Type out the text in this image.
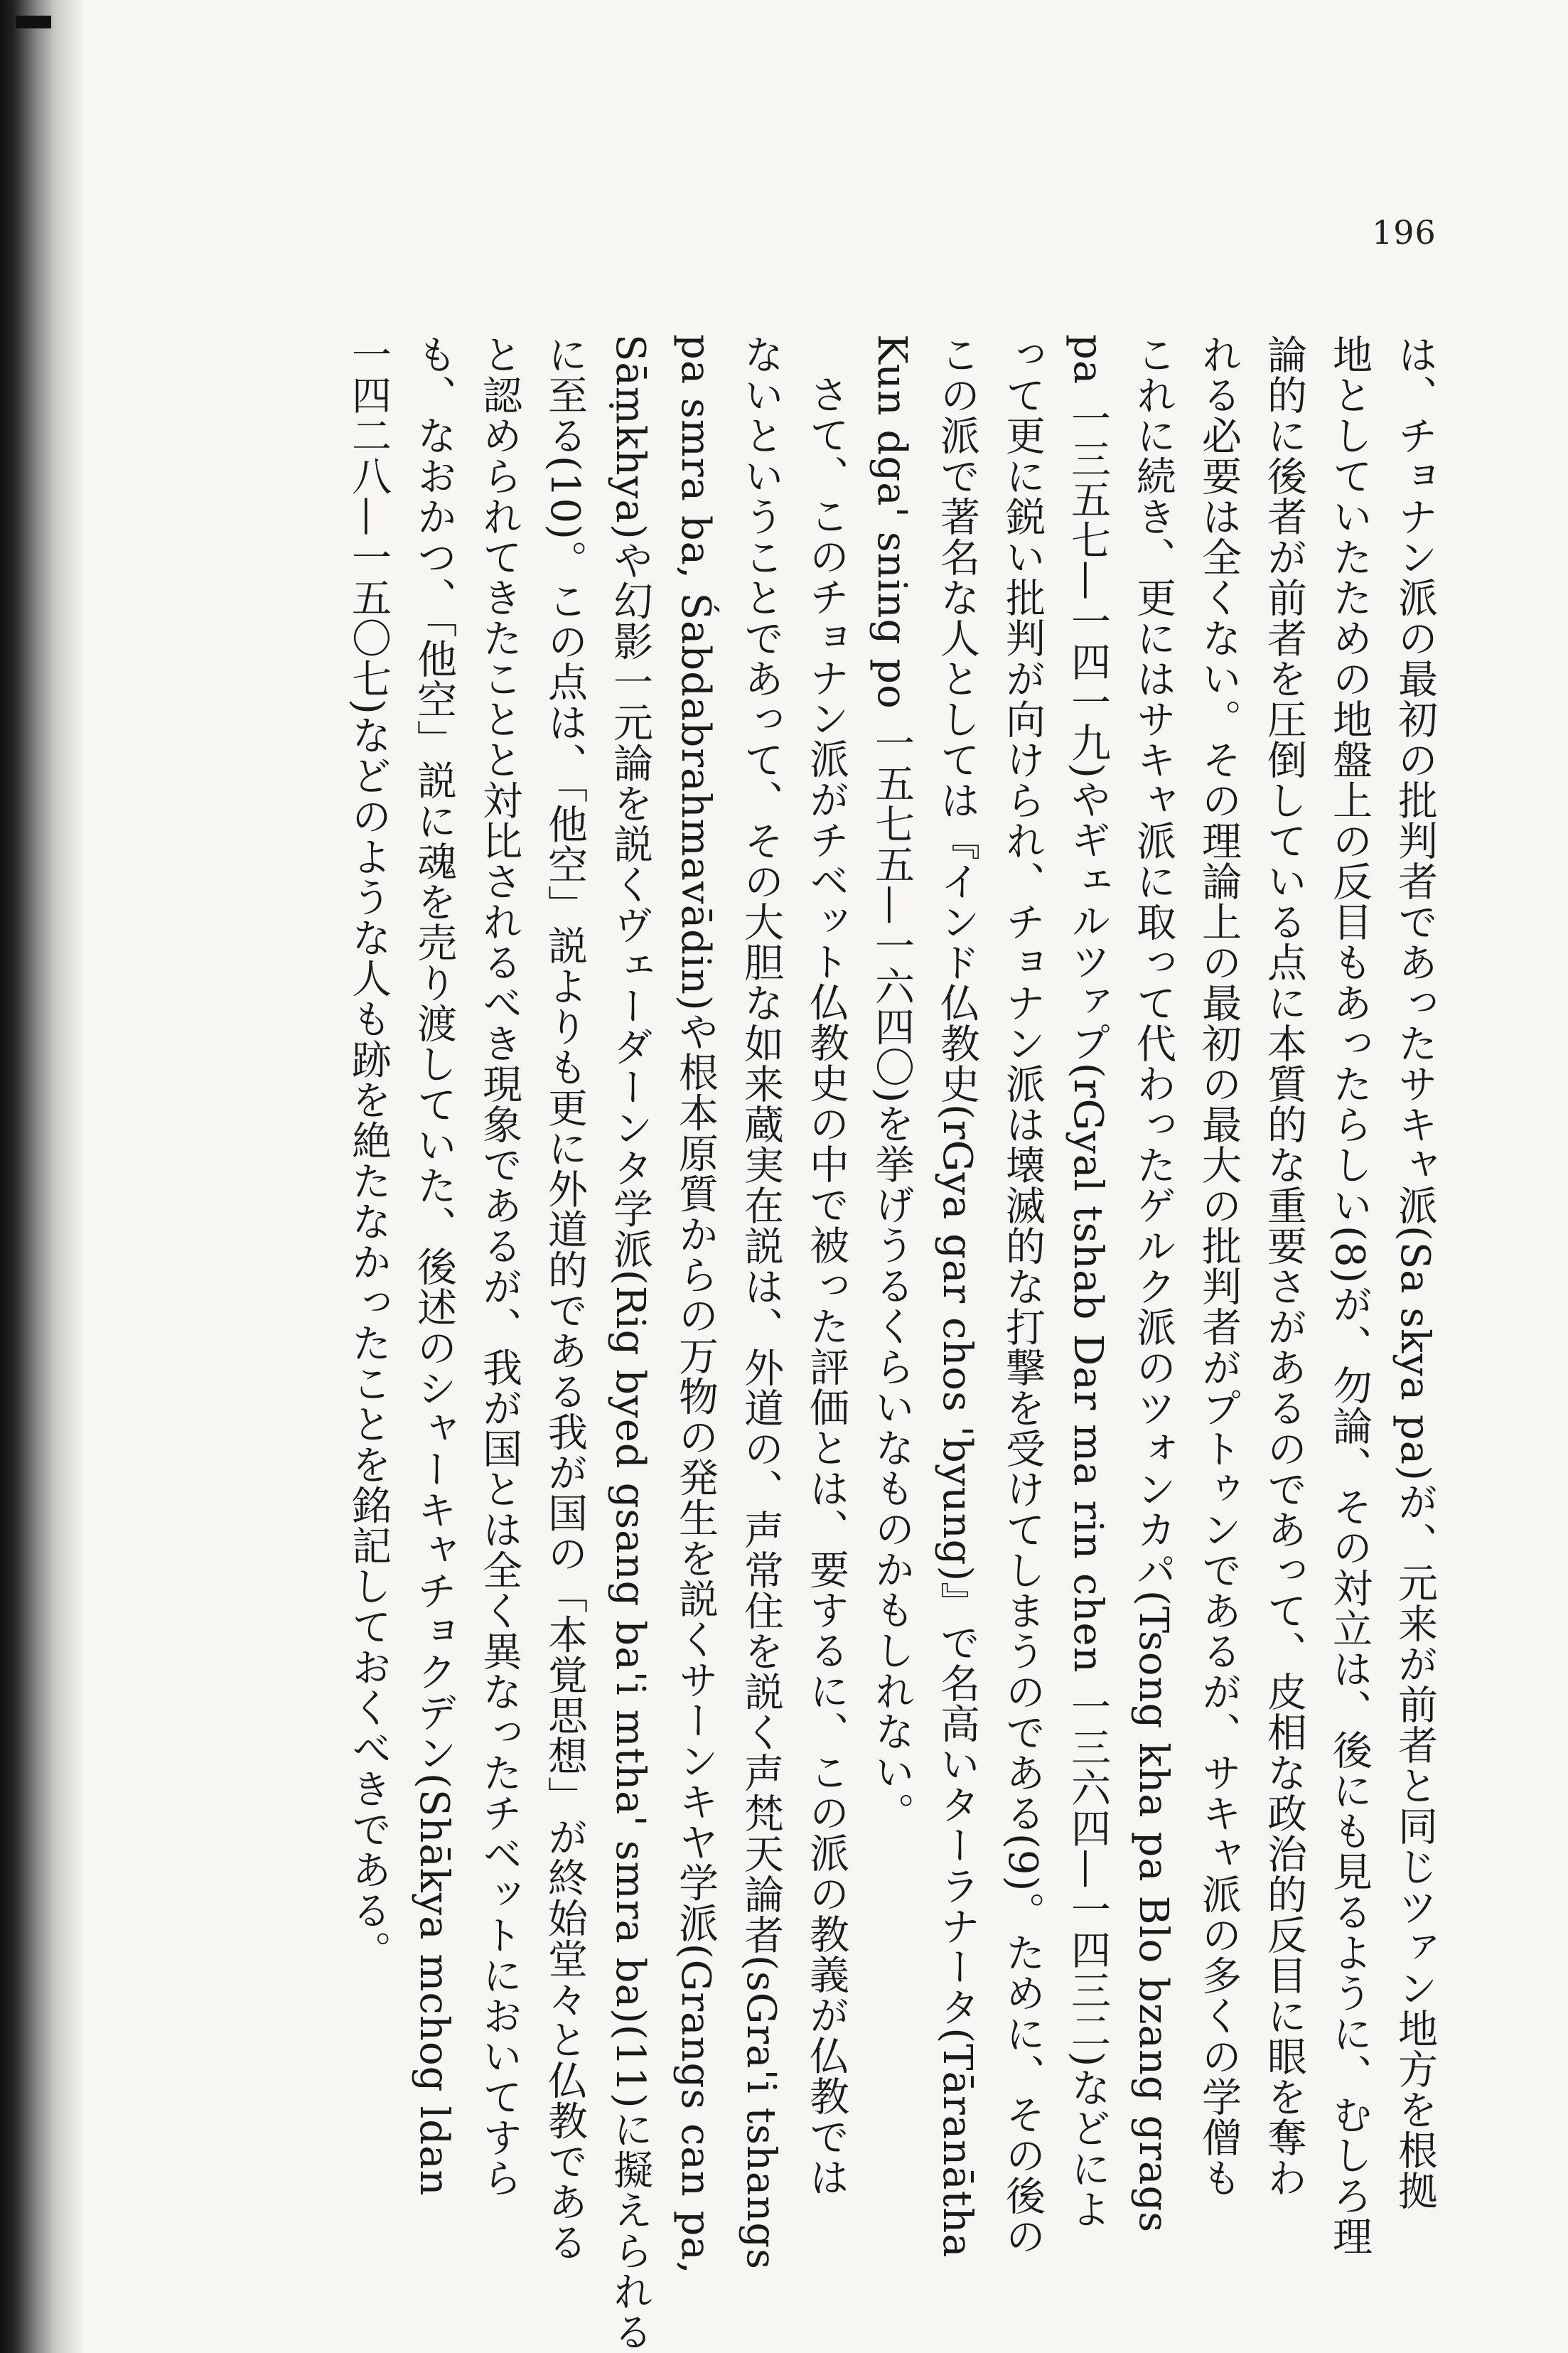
196
は、チョナン派の最初の批判者であったサキャ派(Sa skya pa)が、元来が前者と同じツァン地方を根拠
地としていたための地盤上の反目もあったらしい(8)が、勿論、その対立は、後にも見るように、むしろ理
論的に後者が前者を圧倒している点に本質的な重要さがあるのであって、皮相な政治的反目に眼を奪わ
れる必要は全くない。その理論上の最初の最大の批判者がプトゥンであるが、サキャ派の多くの学僧も
これに続き、更にはサキャ派に取って代わったゲルク派のツォンカパ(Tsong kha pa Blo bzang grags
pa 一三五七—一四一九)やギェルツァプ(rGyal tshab Dar ma rin chen 一三六四—一四三二)などによ
って更に鋭い批判が向けられ、チョナン派は壊滅的な打撃を受けてしまうのである(9)。ために、その後の
この派で著名な人としては『インド仏教史(rGya gar chos 'byung)』で名高いターラナータ(Tāranātha
Kun dga' sning po 一五七五—一六四〇)を挙げうるくらいなものかもしれない。
さて、このチョナン派がチベット仏教史の中で被った評価とは、要するに、この派の教義が仏教では
ないということであって、その大胆な如来蔵実在説は、外道の、声常住を説く声梵天論者(sGra'i tshangs
pa smra ba, Śabdabrahmavādin)や根本原質からの万物の発生を説くサーンキヤ学派(Grangs can pa,
Sāṃkhya)や幻影一元論を説くヴェーダーンタ学派(Rig byed gsang ba'i mtha' smra ba)(11)に擬えられる
に至る(10)。この点は、「他空」説よりも更に外道的である我が国の「本覚思想」が終始堂々と仏教である
と認められてきたことと対比されるべき現象であるが、我が国とは全く異なったチベットにおいてすら
も、なおかつ、「他空」説に魂を売り渡していた、後述のシャーキャチョクデン(Shākya mchog ldan
一四二八—一五〇七)などのような人も跡を絶たなかったことを銘記しておくべきである。
